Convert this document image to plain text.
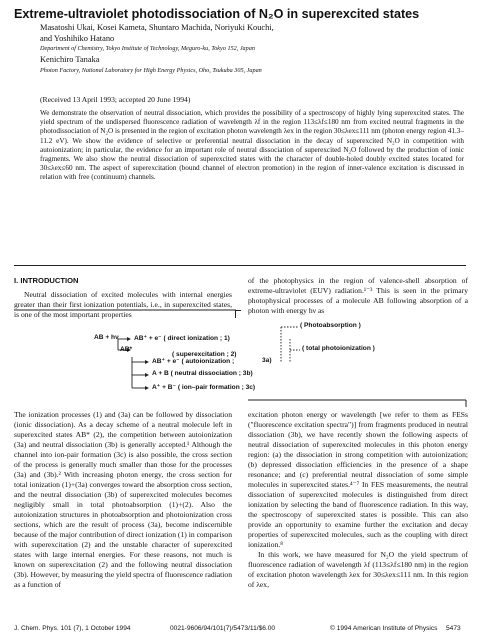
Extreme-ultraviolet photodissociation of N₂O in superexcited states
Masatoshi Ukai, Kosei Kameta, Shuntaro Machida, Noriyuki Kouchi,
and Yoshihiko Hatano
Department of Chemistry, Tokyo Institute of Technology, Meguro-ku, Tokyo 152, Japan
Kenichiro Tanaka
Photon Factory, National Laboratory for High Energy Physics, Oho, Tsukuba 305, Japan
(Received 13 April 1993; accepted 20 June 1994)
We demonstrate the observation of neutral dissociation, which provides the possibility of a spectroscopy of highly lying superexcited states. The yield spectrum of the undispersed fluorescence radiation of wavelength λf in the region 113≤λf≤180 nm from excited neutral fragments in the photodissociation of N₂O is presented in the region of excitation photon wavelength λex in the region 30≤λex≤111 nm (photon energy region 41.3–11.2 eV). We show the evidence of selective or preferential neutral dissociation in the decay of superexcited N₂O in competition with autoionization; in particular, the evidence for an important role of neutral dissociation of superexcited N₂O followed by the production of ionic fragments. We also show the neutral dissociation of superexcited states with the character of double-holed doubly excited states located for 30≤λex≤60 nm. The aspect of superexcitation (bound channel of electron promotion) in the region of inner-valence excitation is discussed in relation with free (continuum) channels.
I. INTRODUCTION
Neutral dissociation of excited molecules with internal energies greater than their first ionization potentials, i.e., in superexcited states, is one of the most important properties
of the photophysics in the region of valence-shell absorption of extreme-ultraviolet (EUV) radiation.¹⁻³ This is seen in the primary photophysical processes of a molecule AB following absorption of a photon with energy hν as
AB + hν AB⁺ + e⁻ ( direct ionization ; 1)
AB*
( superexcitation ; 2)
AB⁺ + e⁻ ( autoionization ;	3a)
A + B ( neutral dissociation ; 3b)
A⁺ + B⁻ ( ion–pair formation ; 3c)
( Photoabsorption )
( total photoionization )
The ionization processes (1) and (3a) can be followed by dissociation (ionic dissociation). As a decay scheme of a neutral molecule left in superexcited states AB* (2), the competition between autoionization (3a) and neutral dissociation (3b) is generally accepted.¹ Although the channel into ion-pair formation (3c) is also possible, the cross section of the process is generally much smaller than those for the processes (3a) and (3b).² With increasing photon energy, the cross section for total ionization (1)+(3a) converges toward the absorption cross section, and the neutral dissociation (3b) of superexcited molecules becomes negligibly small in total photoabsorption (1)+(2). Also the autoionization structures in photoabsorption and photoionization cross sections, which are the result of process (3a), become indiscernible because of the major contribution of direct ionization (1) in comparison with superexcitation (2) and the unstable character of superexcited states with large internal energies. For these reasons, not much is known on superexcitation (2) and the following neutral dissociation (3b). However, by measuring the yield spectra of fluorescence radiation as a function of
excitation photon energy or wavelength [we refer to them as FESs ("fluorescence excitation spectra")] from fragments produced in neutral dissociation (3b), we have recently shown the following aspects of neutral dissociation of superexcited molecules in this photon energy region: (a) the dissociation in strong competition with autoionization; (b) depressed dissociation efficiencies in the presence of a shape resonance; and (c) preferential neutral dissociation of some simple molecules in superexcited states.⁴⁻⁷ In FES measurements, the neutral dissociation of superexcited molecules is distinguished from direct ionization by selecting the band of fluorescence radiation. In this way, the spectroscopy of superexcited states is possible. This can also provide an opportunity to examine further the excitation and decay properties of superexcited molecules, such as the coupling with direct ionization.⁸
In this work, we have measured for N₂O the yield spectrum of fluorescence radiation of wavelength λf (113≤λf≤180 nm) in the region of excitation photon wavelength λex for 30≤λex≤111 nm. In this region of λex,
J. Chem. Phys. 101 (7), 1 October 1994	0021-9606/94/101(7)/5473/11/$6.00	© 1994 American Institute of Physics 5473
